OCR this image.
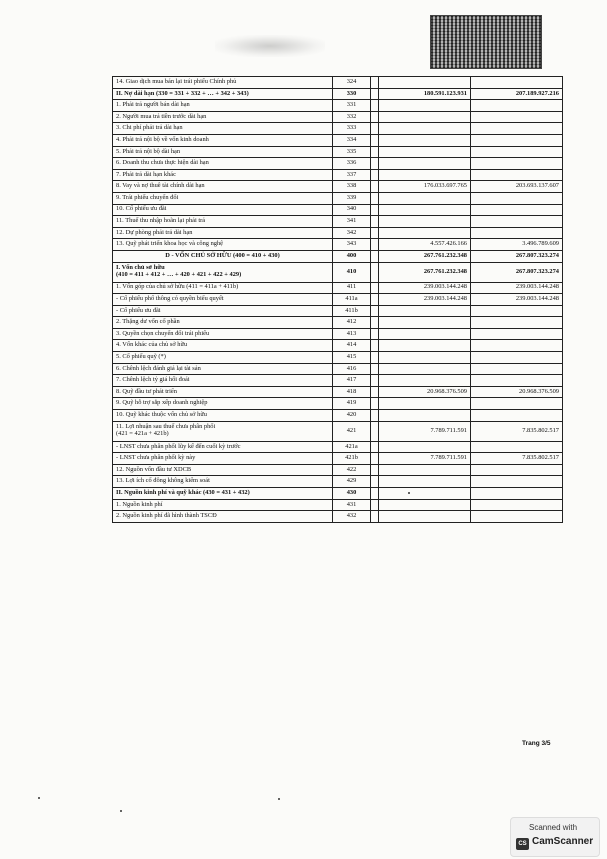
14. Giao dịch mua bán lại trái phiếu Chính phủ	324			
II. Nợ dài hạn (330 = 331 + 332 + … + 342 + 343)	330		180.591.123.931	207.189.927.216
1. Phải trả người bán dài hạn	331			
2. Người mua trả tiền trước dài hạn	332			
3. Chi phí phải trả dài hạn	333			
4. Phải trả nội bộ về vốn kinh doanh	334			
5. Phải trả nội bộ dài hạn	335			
6. Doanh thu chưa thực hiện dài hạn	336			
7. Phải trả dài hạn khác	337			
8. Vay và nợ thuê tài chính dài hạn	338		176.033.697.765	203.693.137.607
9. Trái phiếu chuyển đổi	339			
10. Cổ phiếu ưu đãi	340			
11. Thuế thu nhập hoãn lại phải trả	341			
12. Dự phòng phải trả dài hạn	342			
13. Quỹ phát triển khoa học và công nghệ	343		4.557.426.166	3.496.789.609
D - VỐN CHỦ SỞ HỮU (400 = 410 + 430)	400		267.761.232.348	267.807.323.274
I. Vốn chủ sở hữu
(410 = 411 + 412 + … + 420 + 421 + 422 + 429)	410		267.761.232.348	267.807.323.274
1. Vốn góp của chủ sở hữu (411 = 411a + 411b)	411		239.003.144.248	239.003.144.248
- Cổ phiếu phổ thông có quyền biểu quyết	411a		239.003.144.248	239.003.144.248
- Cổ phiếu ưu đãi	411b			
2. Thặng dư vốn cổ phần	412			
3. Quyền chọn chuyển đổi trái phiếu	413			
4. Vốn khác của chủ sở hữu	414			
5. Cổ phiếu quỹ (*)	415			
6. Chênh lệch đánh giá lại tài sản	416			
7. Chênh lệch tỷ giá hối đoái	417			
8. Quỹ đầu tư phát triển	418		20.968.376.509	20.968.376.509
9. Quỹ hỗ trợ sắp xếp doanh nghiệp	419			
10. Quỹ khác thuộc vốn chủ sở hữu	420			
11. Lợi nhuận sau thuế chưa phân phối
(421 = 421a + 421b)	421		7.789.711.591	7.835.802.517
- LNST chưa phân phối lũy kế đến cuối kỳ trước	421a			
- LNST chưa phân phối kỳ này	421b		7.789.711.591	7.835.802.517
12. Nguồn vốn đầu tư XDCB	422			
13. Lợi ích cổ đông không kiểm soát	429			
II. Nguồn kinh phí và quỹ khác (430 = 431 + 432)	430			
1. Nguồn kinh phí	431			
2. Nguồn kinh phí đã hình thành TSCĐ	432			
Trang 3/5
Scanned with
CS CamScanner
